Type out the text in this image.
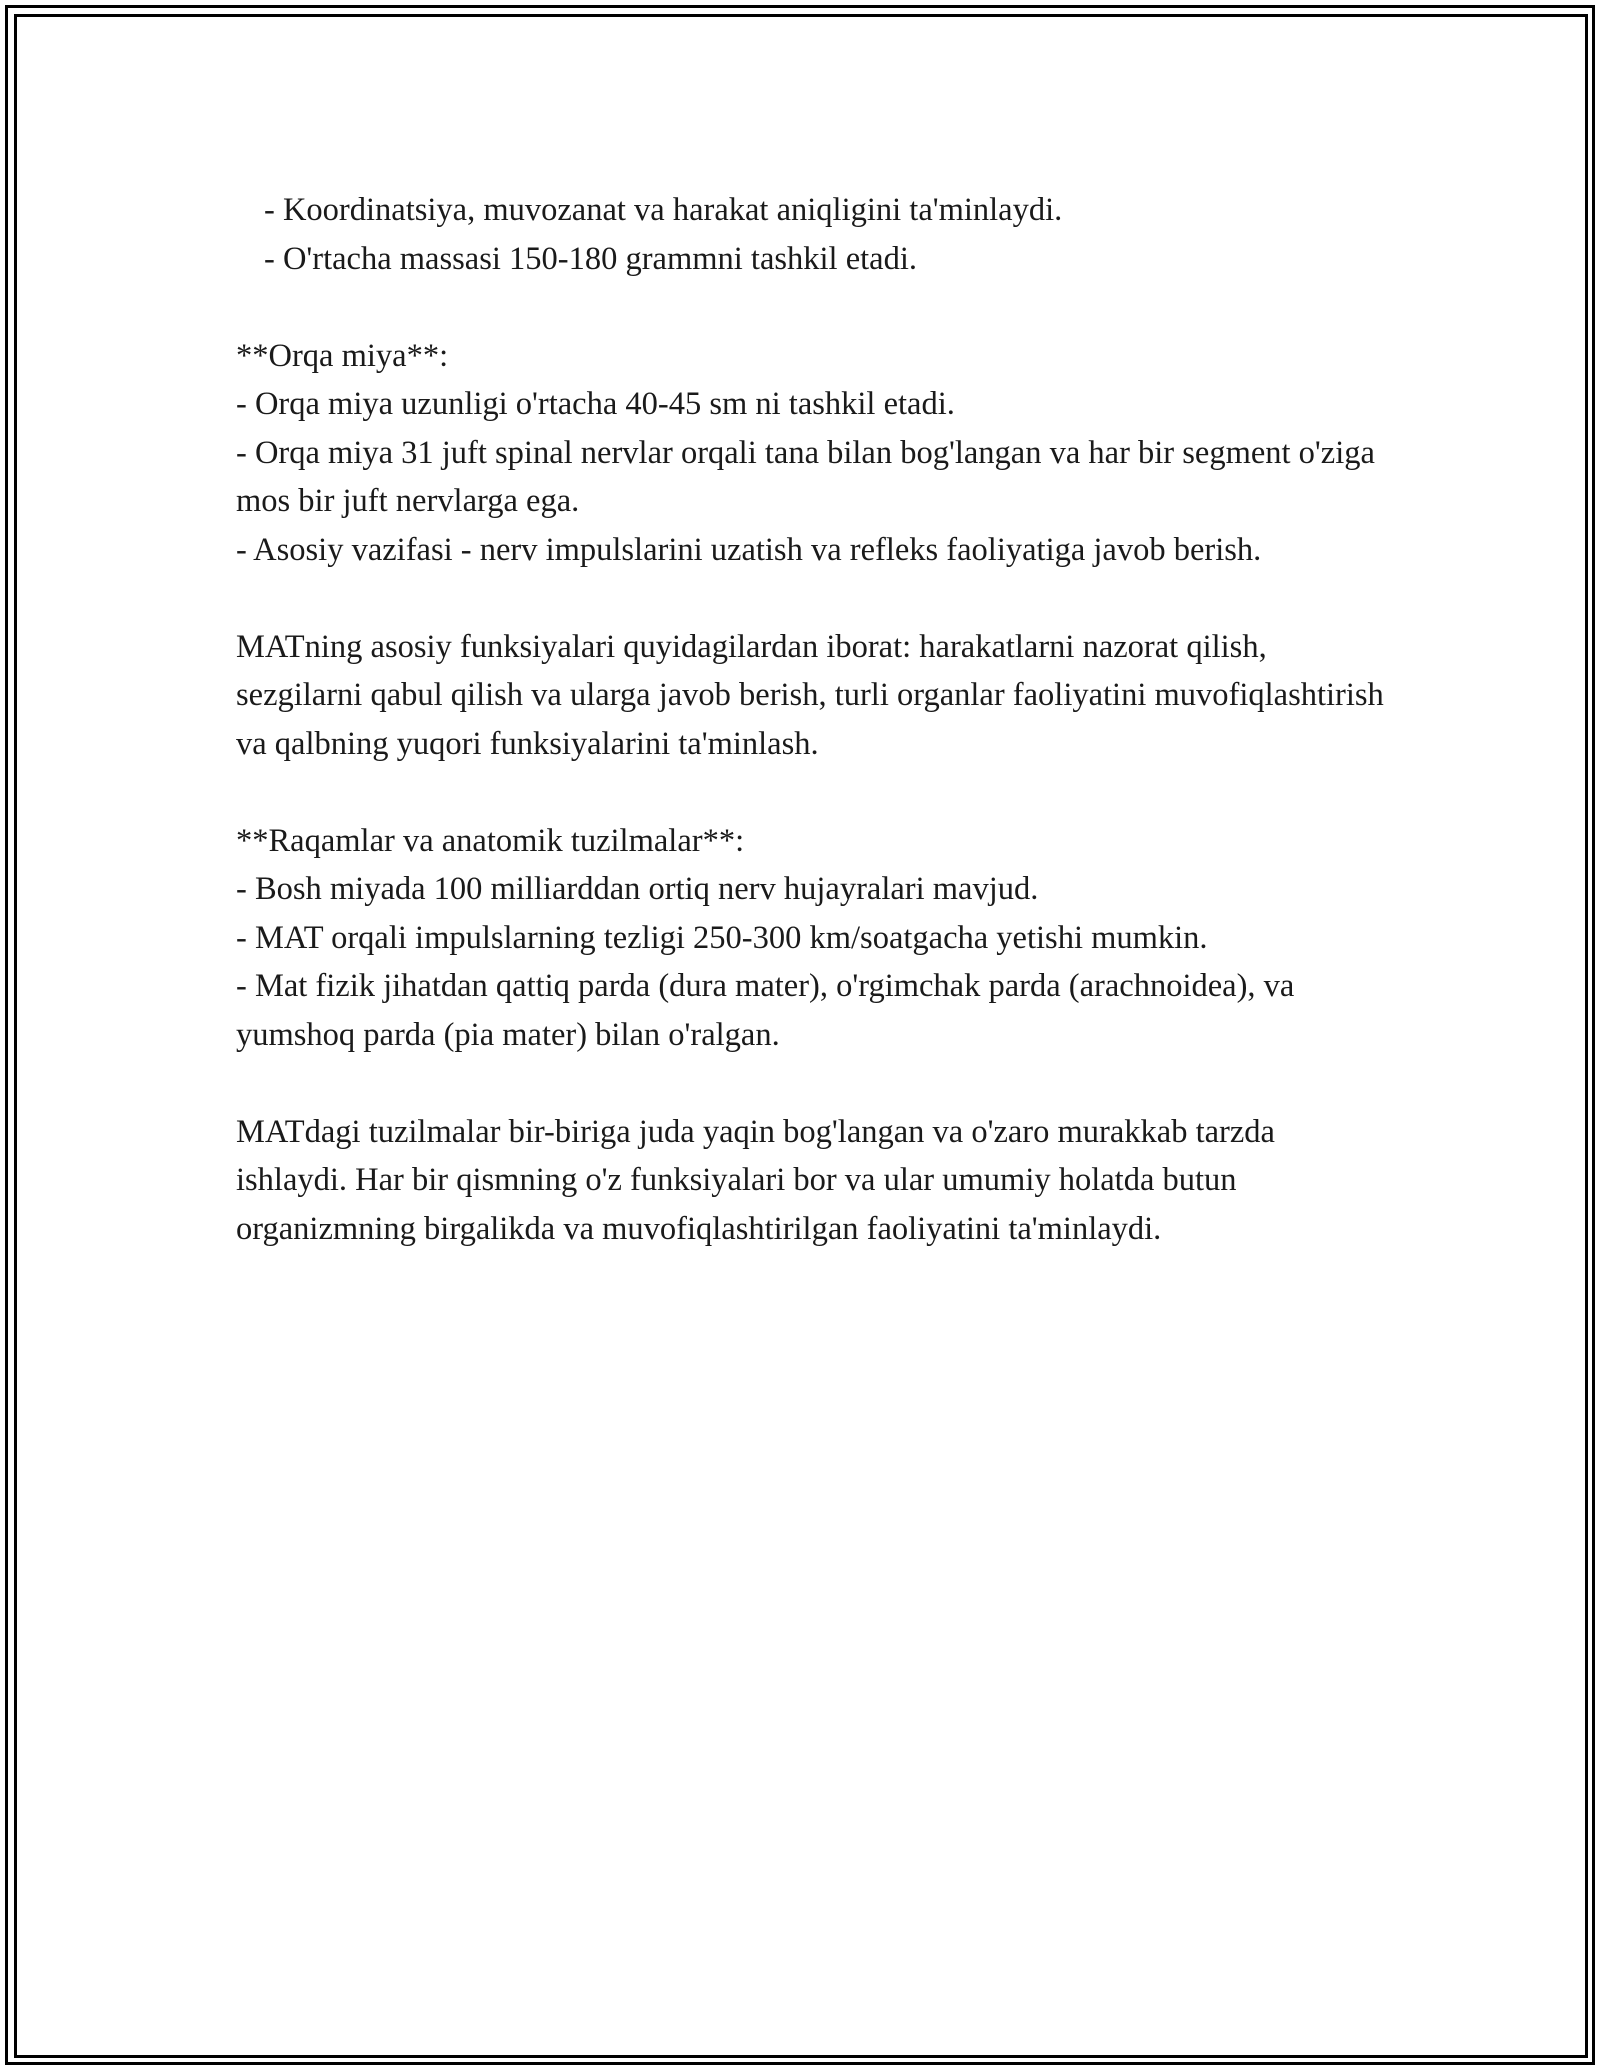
- Koordinatsiya, muvozanat va harakat aniqligini ta'minlaydi.

- O'rtacha massasi 150-180 grammni tashkil etadi.

**Orqa miya**:

- Orqa miya uzunligi o'rtacha 40-45 sm ni tashkil etadi.

- Orqa miya 31 juft spinal nervlar orqali tana bilan bog'langan va har bir segment o'ziga mos bir juft nervlarga ega.

- Asosiy vazifasi - nerv impulslarini uzatish va refleks faoliyatiga javob berish.

MATning asosiy funksiyalari quyidagilardan iborat: harakatlarni nazorat qilish, sezgilarni qabul qilish va ularga javob berish, turli organlar faoliyatini muvofiqlashtirish va qalbning yuqori funksiyalarini ta'minlash.

**Raqamlar va anatomik tuzilmalar**:

- Bosh miyada 100 milliarddan ortiq nerv hujayralari mavjud.

- MAT orqali impulslarning tezligi 250-300 km/soatgacha yetishi mumkin.

- Mat fizik jihatdan qattiq parda (dura mater), o'rgimchak parda (arachnoidea), va yumshoq parda (pia mater) bilan o'ralgan.

MATdagi tuzilmalar bir-biriga juda yaqin bog'langan va o'zaro murakkab tarzda ishlaydi. Har bir qismning o'z funksiyalari bor va ular umumiy holatda butun organizmning birgalikda va muvofiqlashtirilgan faoliyatini ta'minlaydi.
